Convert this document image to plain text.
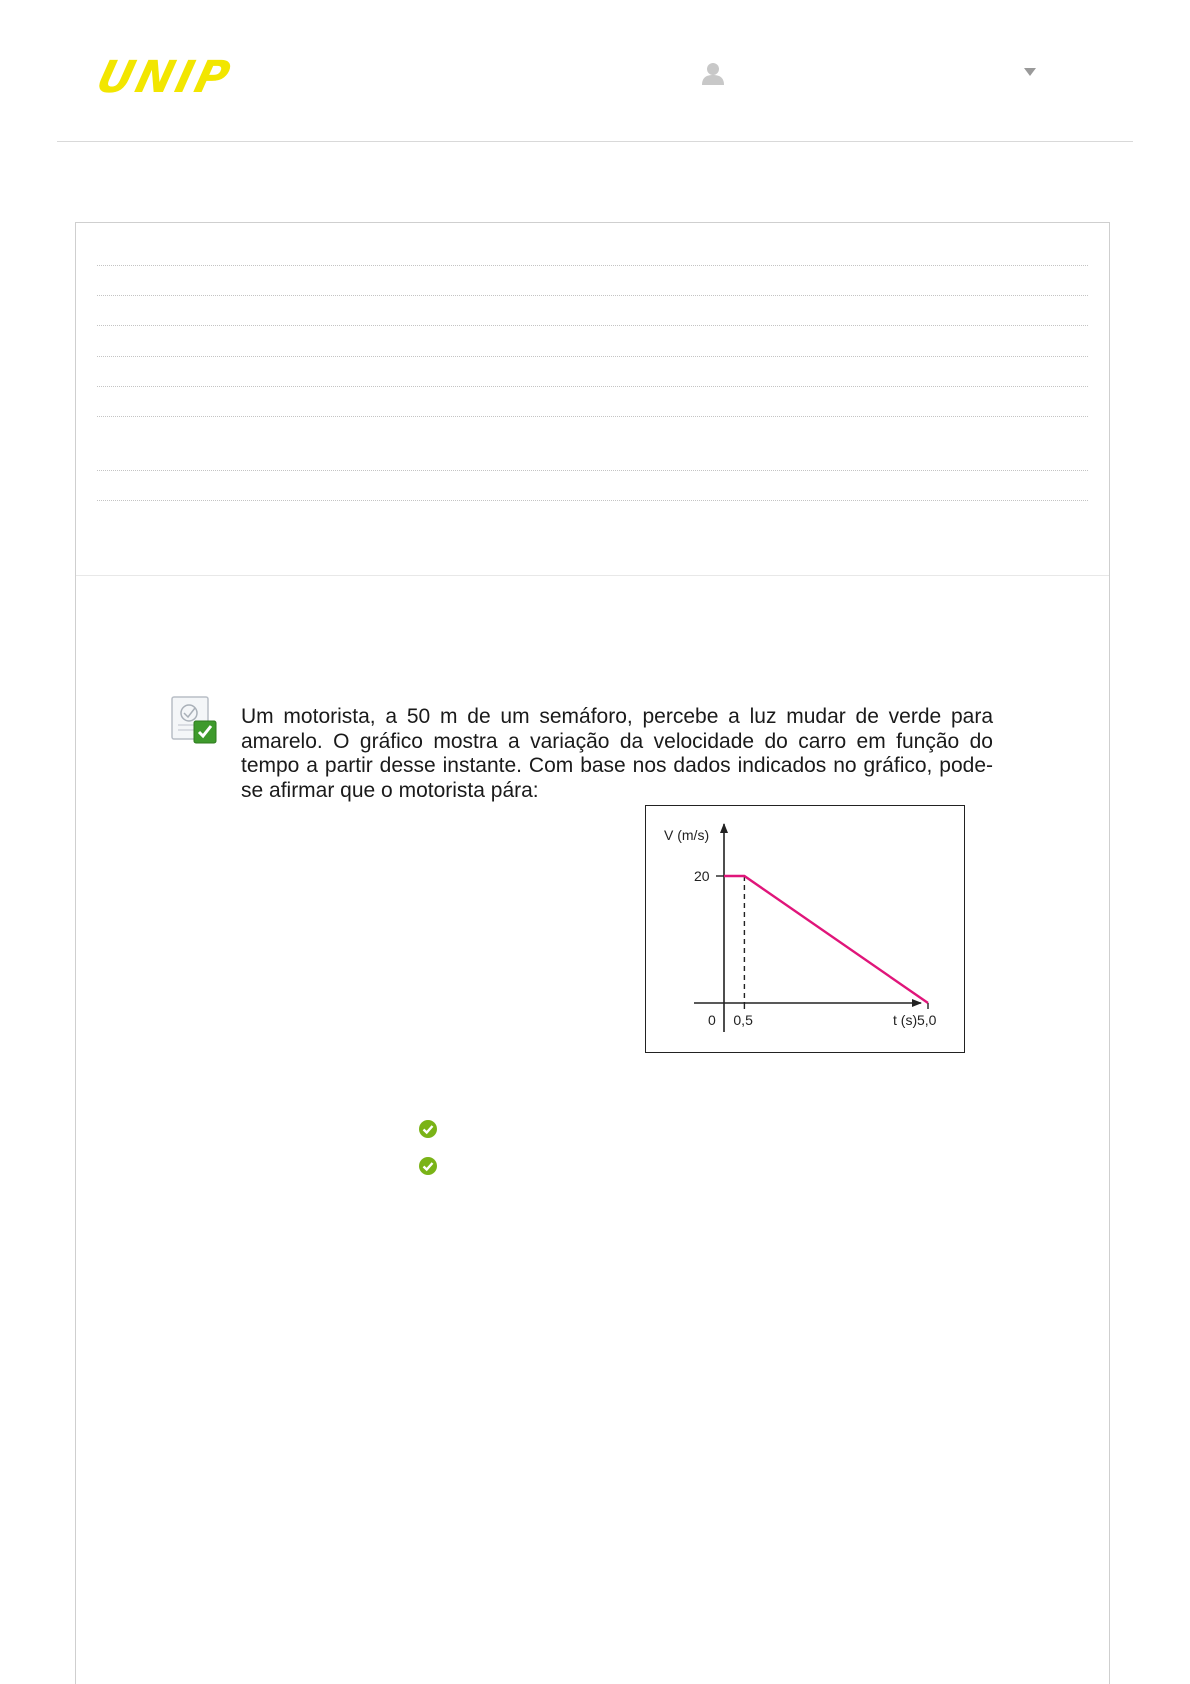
UNIP

Um motorista, a 50 m de um semáforo, percebe a luz mudar de verde para amarelo. O gráfico mostra a variação da velocidade do carro em função do tempo a partir desse instante. Com base nos dados indicados no gráfico, pode-se afirmar que o motorista pára:

V (m/s)
t (s)
0
20
0,5	5,0
